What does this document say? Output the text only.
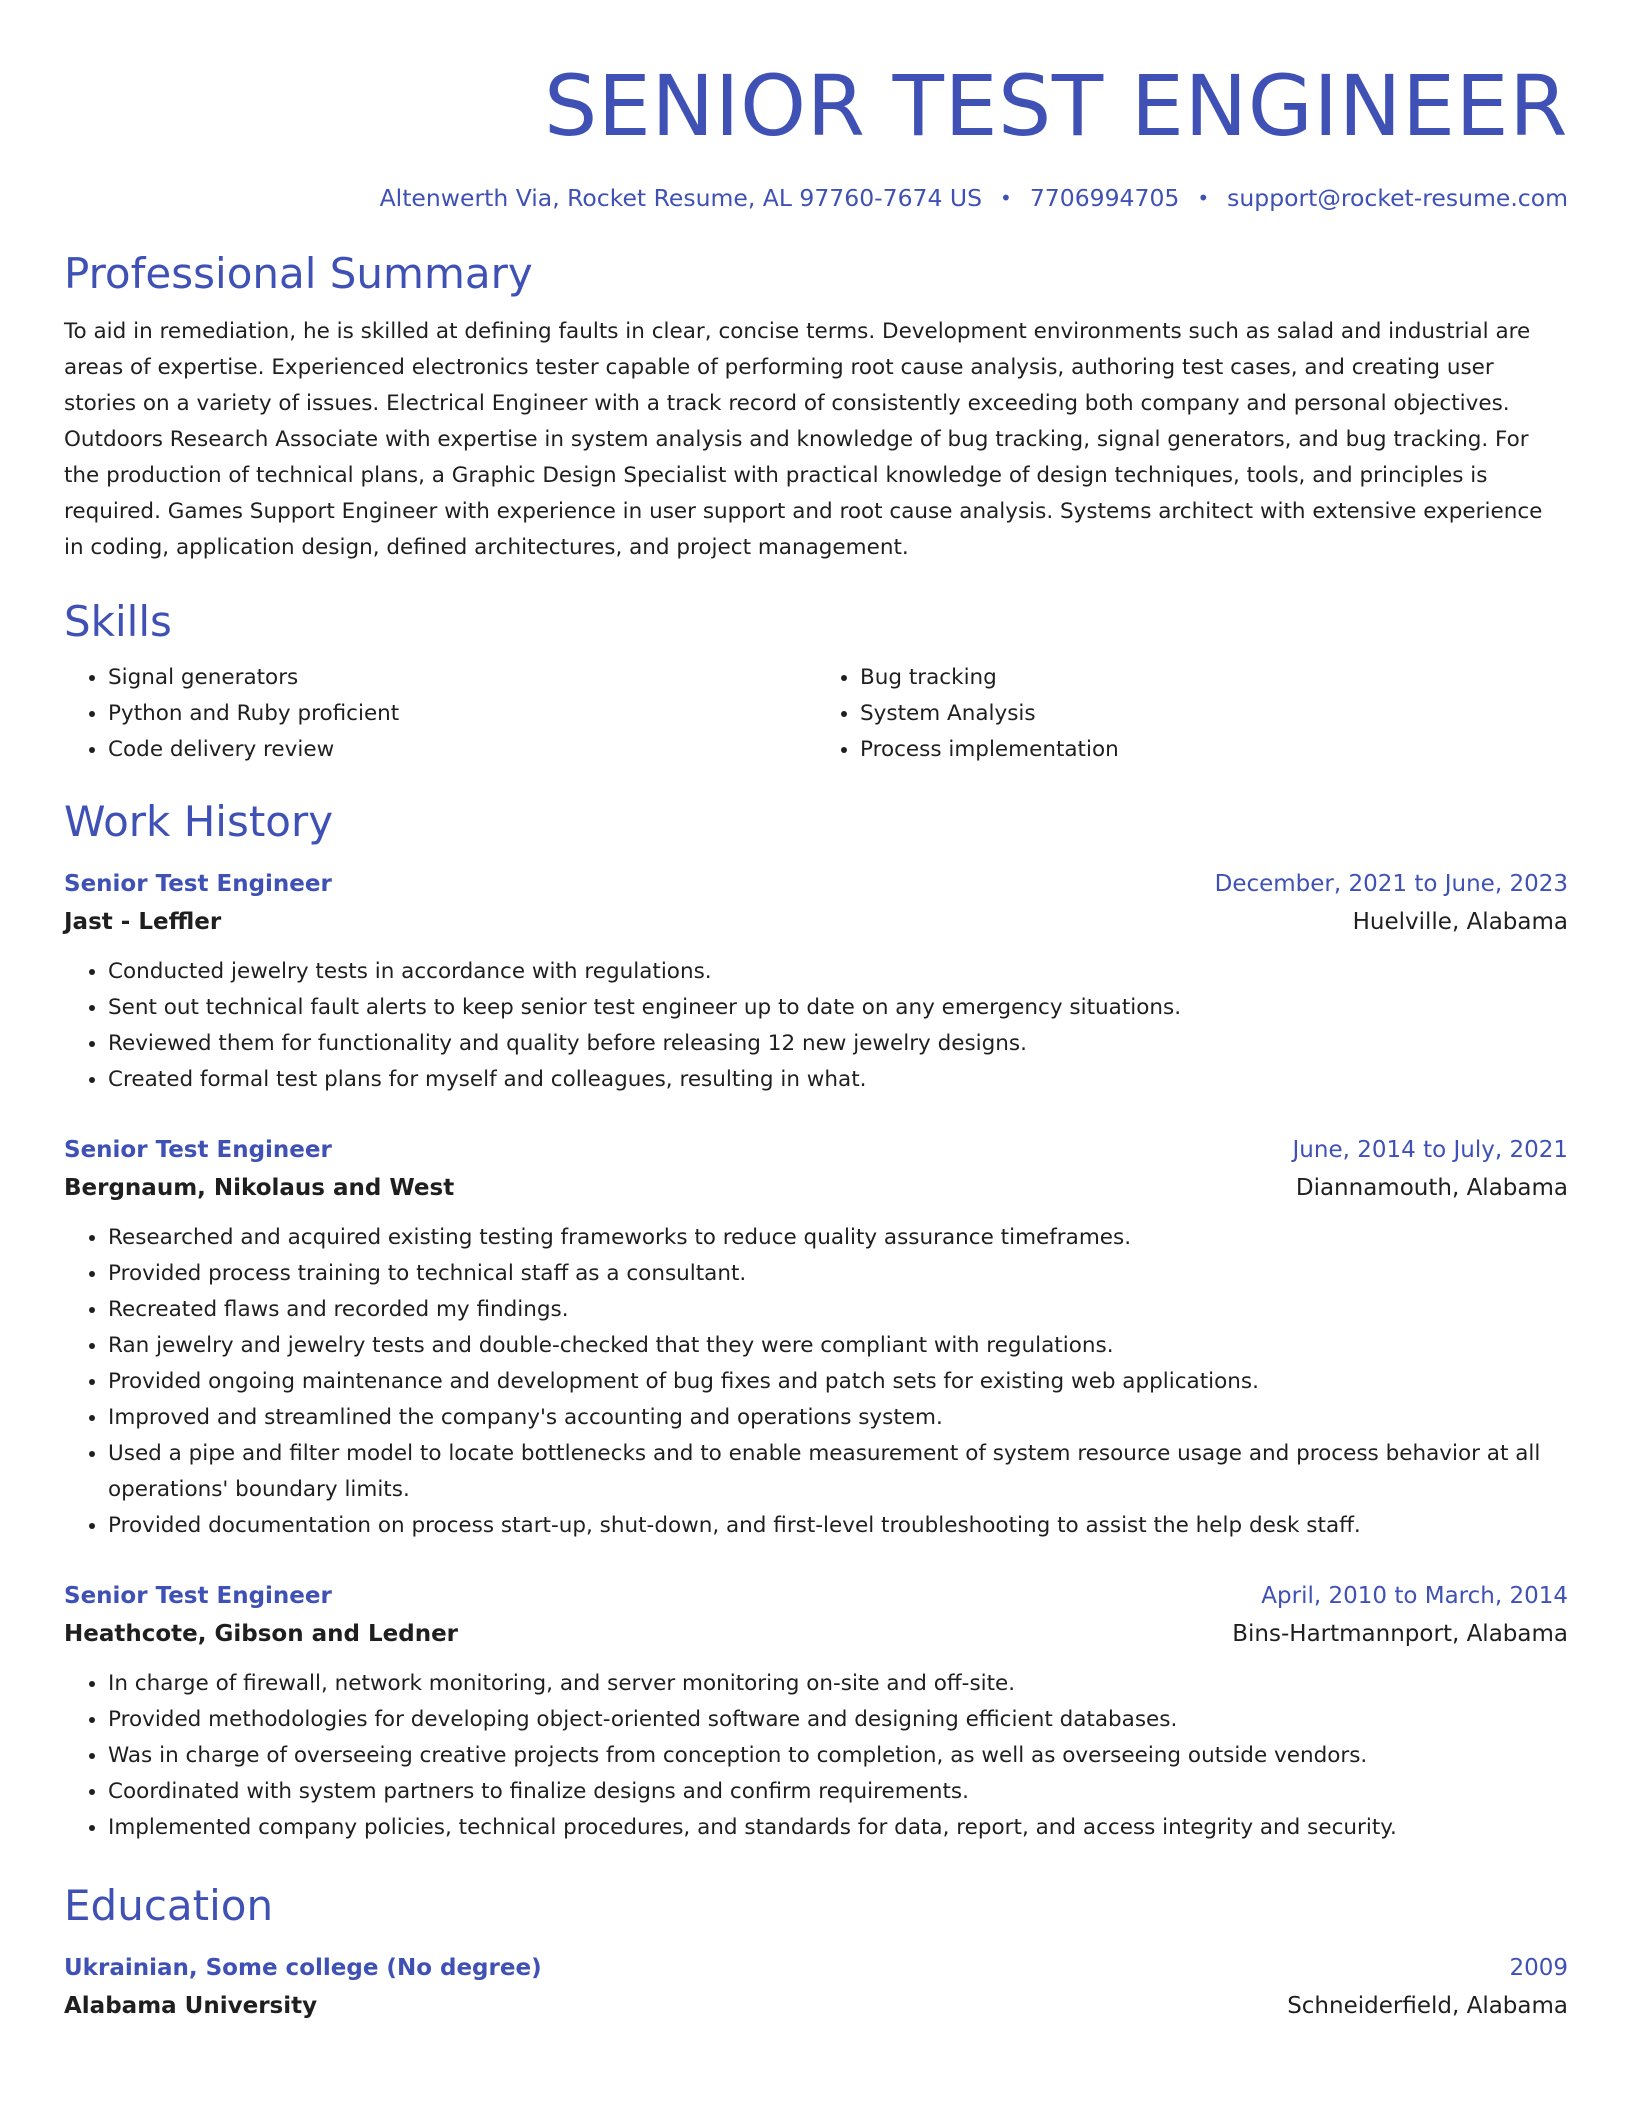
SENIOR TEST ENGINEER
Altenwerth Via, Rocket Resume, AL 97760-7674 US • 7706994705 • support@rocket-resume.com
Professional Summary
To aid in remediation, he is skilled at defining faults in clear, concise terms. Development environments such as salad and industrial are areas of expertise. Experienced electronics tester capable of performing root cause analysis, authoring test cases, and creating user stories on a variety of issues. Electrical Engineer with a track record of consistently exceeding both company and personal objectives. Outdoors Research Associate with expertise in system analysis and knowledge of bug tracking, signal generators, and bug tracking. For the production of technical plans, a Graphic Design Specialist with practical knowledge of design techniques, tools, and principles is required. Games Support Engineer with experience in user support and root cause analysis. Systems architect with extensive experience in coding, application design, defined architectures, and project management.
Skills
• Signal generators
• Python and Ruby proficient
• Code delivery review
• Bug tracking
• System Analysis
• Process implementation
Work History
Senior Test Engineer	December, 2021 to June, 2023
Jast - Leffler	Huelville, Alabama
• Conducted jewelry tests in accordance with regulations.
• Sent out technical fault alerts to keep senior test engineer up to date on any emergency situations.
• Reviewed them for functionality and quality before releasing 12 new jewelry designs.
• Created formal test plans for myself and colleagues, resulting in what.
Senior Test Engineer	June, 2014 to July, 2021
Bergnaum, Nikolaus and West	Diannamouth, Alabama
• Researched and acquired existing testing frameworks to reduce quality assurance timeframes.
• Provided process training to technical staff as a consultant.
• Recreated flaws and recorded my findings.
• Ran jewelry and jewelry tests and double-checked that they were compliant with regulations.
• Provided ongoing maintenance and development of bug fixes and patch sets for existing web applications.
• Improved and streamlined the company's accounting and operations system.
• Used a pipe and filter model to locate bottlenecks and to enable measurement of system resource usage and process behavior at all operations' boundary limits.
• Provided documentation on process start-up, shut-down, and first-level troubleshooting to assist the help desk staff.
Senior Test Engineer	April, 2010 to March, 2014
Heathcote, Gibson and Ledner	Bins-Hartmannport, Alabama
• In charge of firewall, network monitoring, and server monitoring on-site and off-site.
• Provided methodologies for developing object-oriented software and designing efficient databases.
• Was in charge of overseeing creative projects from conception to completion, as well as overseeing outside vendors.
• Coordinated with system partners to finalize designs and confirm requirements.
• Implemented company policies, technical procedures, and standards for data, report, and access integrity and security.
Education
Ukrainian, Some college (No degree)	2009
Alabama University	Schneiderfield, Alabama
